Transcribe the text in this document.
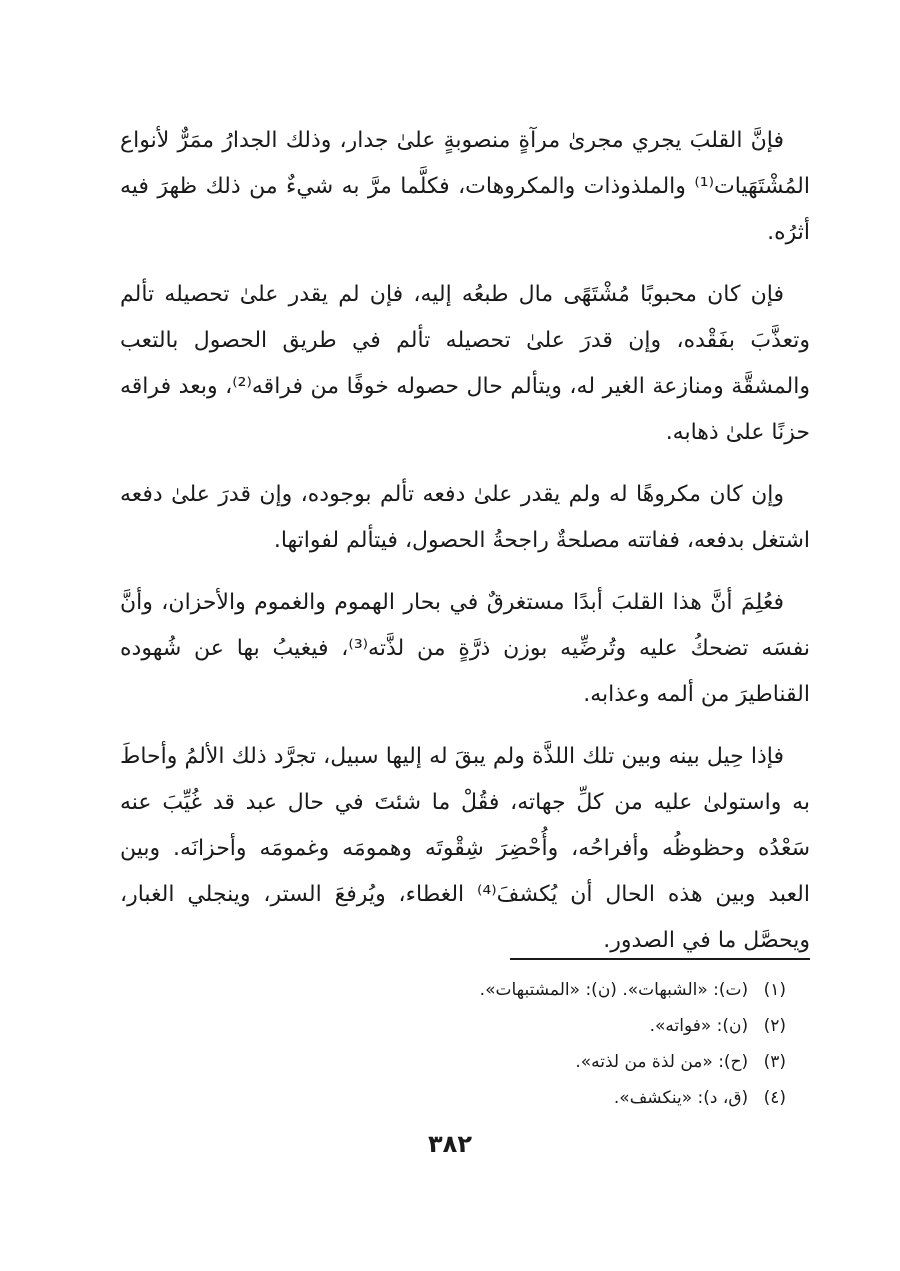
فإنَّ القلبَ يجري مجرىٰ مرآةٍ منصوبةٍ علىٰ جدار، وذلك الجدارُ ممَرٌّ لأنواع المُشْتَهَيات⁽¹⁾ والملذوذات والمكروهات، فكلَّما مرَّ به شيءٌ من ذلك ظهرَ فيه أثرُه.

فإن كان محبوبًا مُشْتَهًى مال طبعُه إليه، فإن لم يقدر علىٰ تحصيله تألم وتعذَّبَ بفَقْده، وإن قدرَ علىٰ تحصيله تألم في طريق الحصول بالتعب والمشقَّة ومنازعة الغير له، ويتألم حال حصوله خوفًا من فراقه⁽²⁾، وبعد فراقه حزنًا علىٰ ذهابه.

وإن كان مكروهًا له ولم يقدر علىٰ دفعه تألم بوجوده، وإن قدرَ علىٰ دفعه اشتغل بدفعه، ففاتته مصلحةٌ راجحةُ الحصول، فيتألم لفواتها.

فعُلِمَ أنَّ هذا القلبَ أبدًا مستغرقٌ في بحار الهموم والغموم والأحزان، وأنَّ نفسَه تضحكُ عليه وتُرضِّيه بوزن ذرَّةٍ من لذَّته⁽³⁾، فيغيبُ بها عن شُهوده القناطيرَ من ألمه وعذابه.

فإذا حِيل بينه وبين تلك اللذَّة ولم يبقَ له إليها سبيل، تجرَّد ذلك الألمُ وأحاطَ به واستولىٰ عليه من كلِّ جهاته، فقُلْ ما شئتَ في حال عبد قد غُيِّبَ عنه سَعْدُه وحظوظُه وأفراحُه، وأُحْضِرَ شِقْوتَه وهمومَه وغمومَه وأحزانَه. وبين العبد وبين هذه الحال أن يُكشفَ⁽⁴⁾ الغطاء، ويُرفعَ الستر، وينجلي الغبار، ويحصَّل ما في الصدور.

(١) (ت): «الشبهات». (ن): «المشتبهات».

(٢) (ن): «فواته».

(٣) (ح): «من لذة من لذته».

(٤) (ق، د): «ينكشف».

٣٨٢
